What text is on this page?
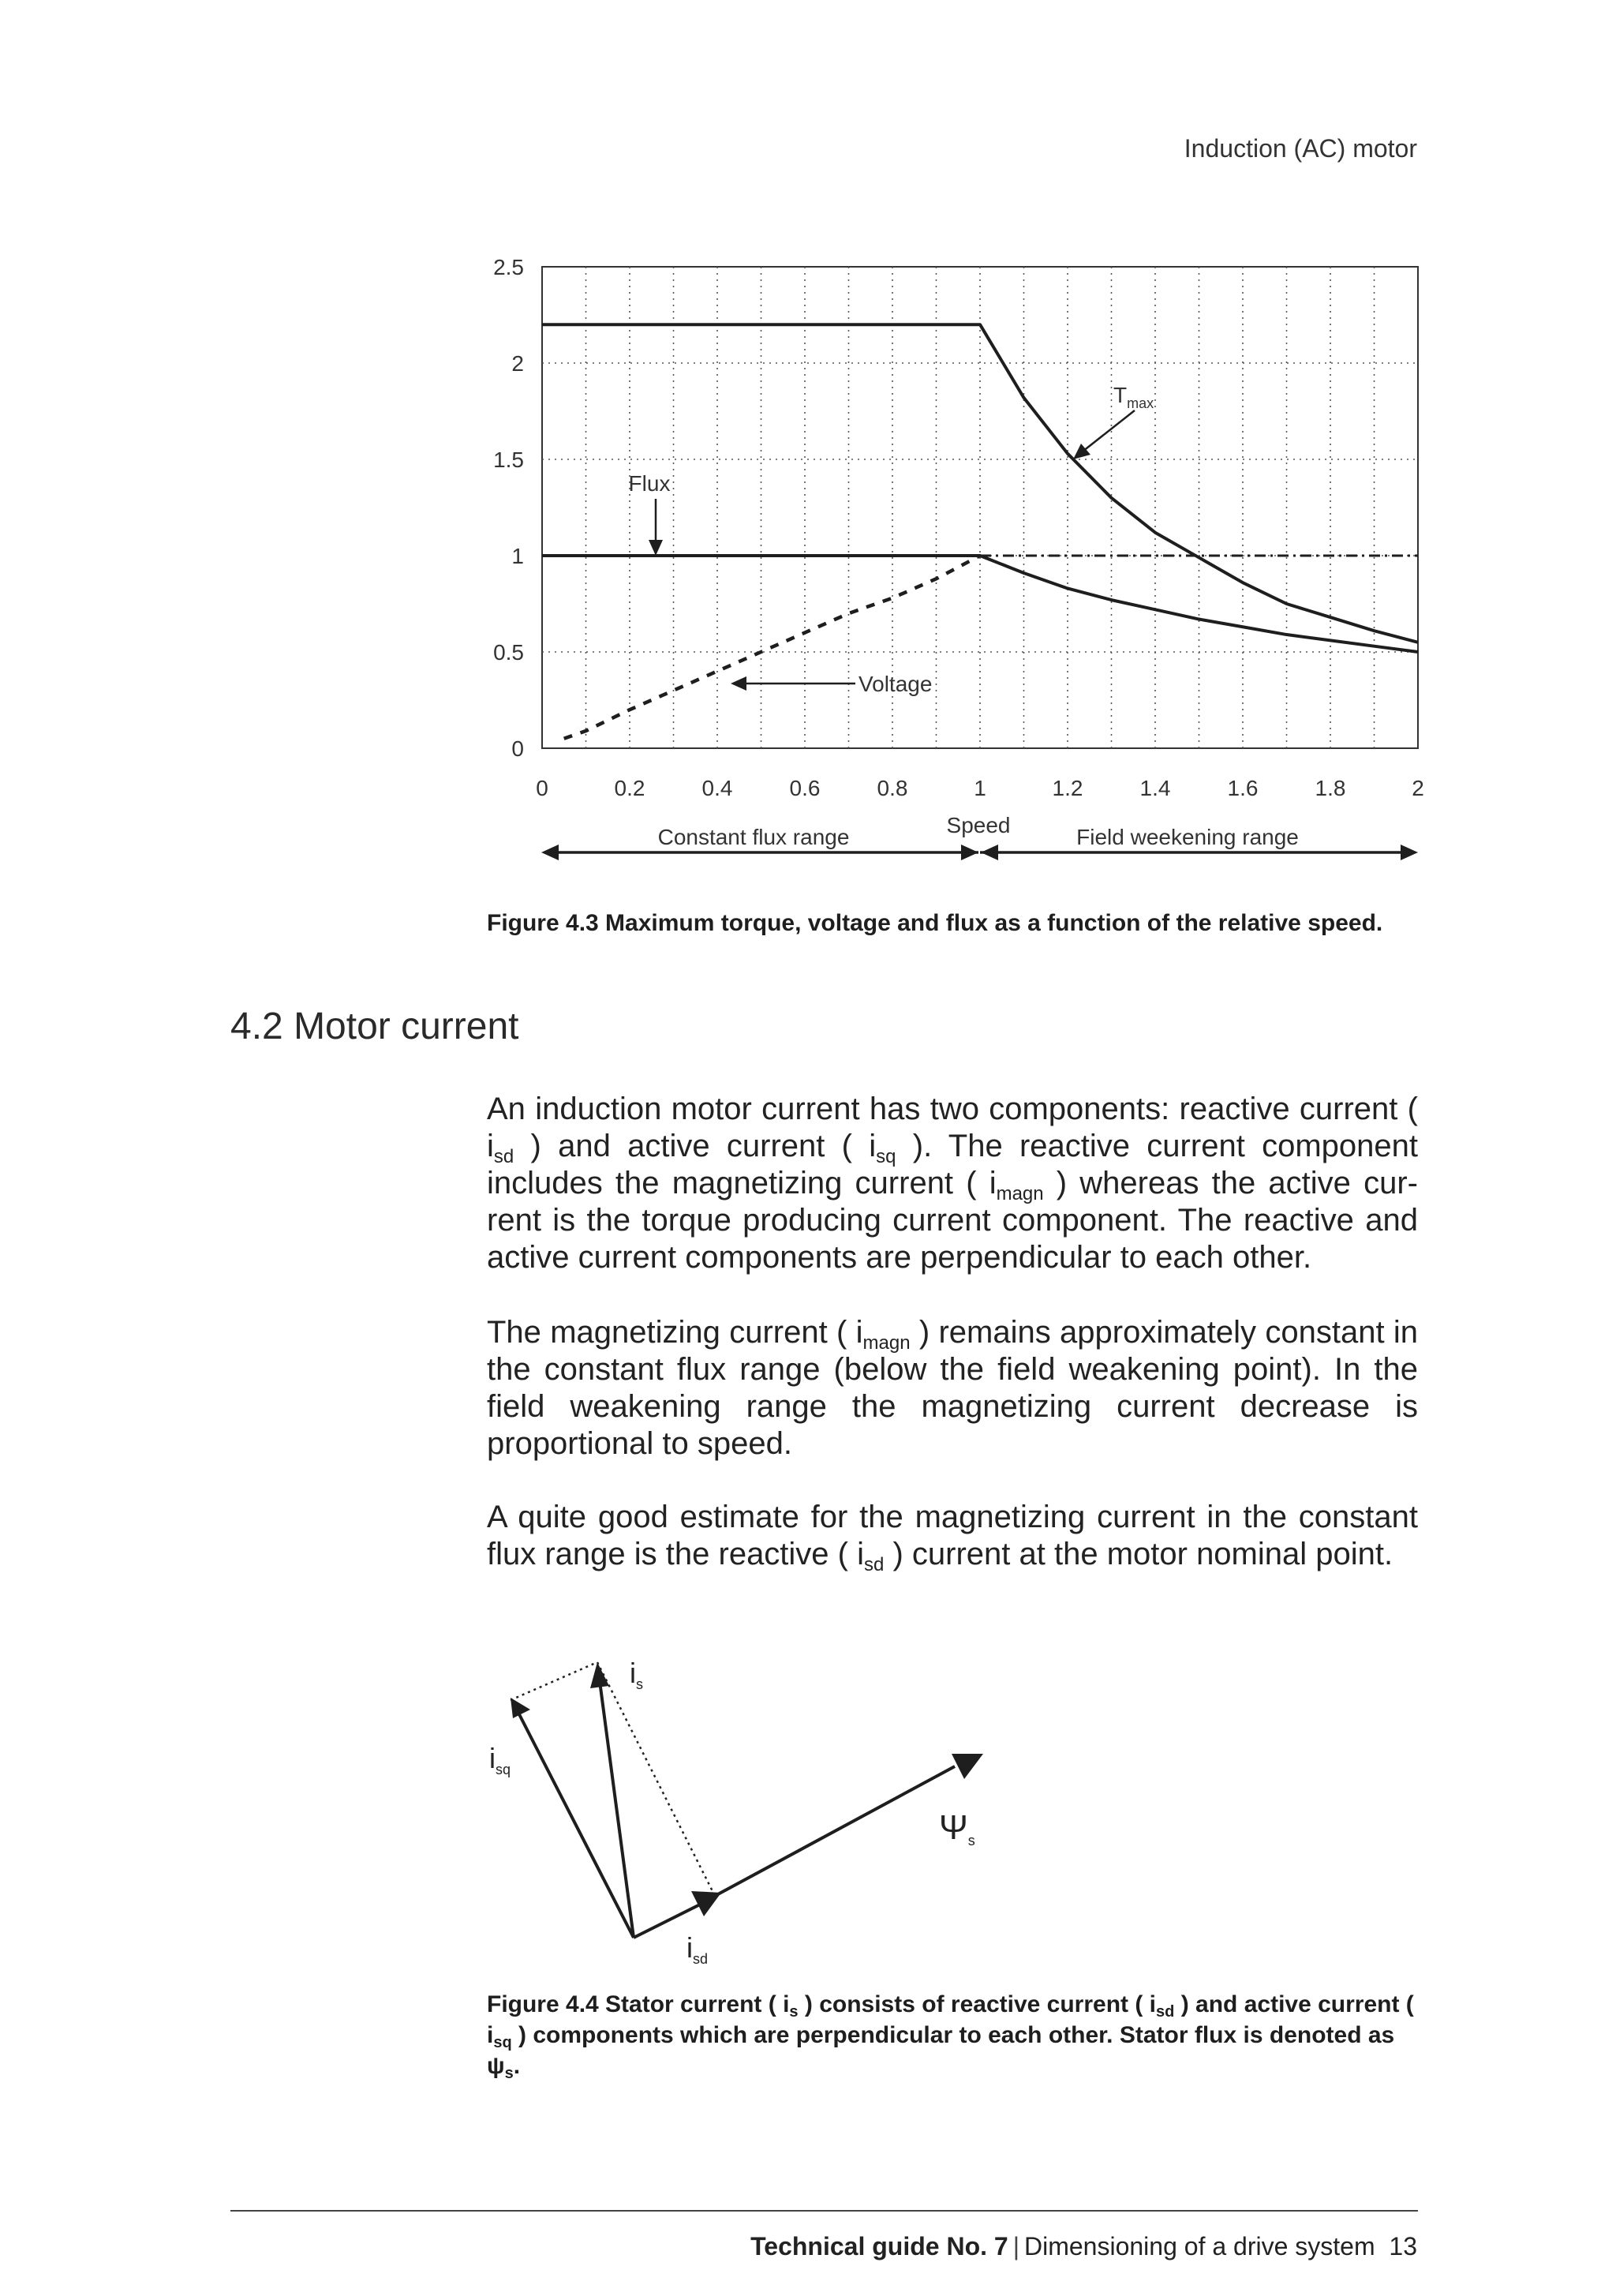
Induction (AC) motor
0	0.2	0.4	0.6	0.8	1	1.2	1.4	1.6	1.8	2
0
0.5
1
1.5
2
2.5
Speed
Constant flux range	Field weekening range
$T_{max}$
Flux
Voltage
Figure 4.3 Maximum torque, voltage and flux as a function of the relative speed.
4.2 Motor current

An induction motor current has two components: reactive current ( $i_{sd}$ ) and active current ( $i_{sq}$ ). The reactive current component includes the magnetizing current ( $i_{magn}$ ) whereas the active current is the torque producing current component. The reactive and active current components are perpendicular to each other.

The magnetizing current ( $i_{magn}$ ) remains approximately constant in the constant flux range (below the field weakening point). In the field weakening range the magnetizing current decrease is proportional to speed.

A quite good estimate for the magnetizing current in the constant flux range is the reactive ( $i_{sd}$ ) current at the motor nominal point.

$i_s$
$i_{sq}$
$i_{sd}$
Ψs
Figure 4.4 Stator current ( $i_s$ ) consists of reactive current ( $i_{sd}$ ) and active current ( $i_{sq}$ ) components which are perpendicular to each other. Stator flux is denoted as $\psi_s$.
Technical guide No. 7 | Dimensioning of a drive system 13
